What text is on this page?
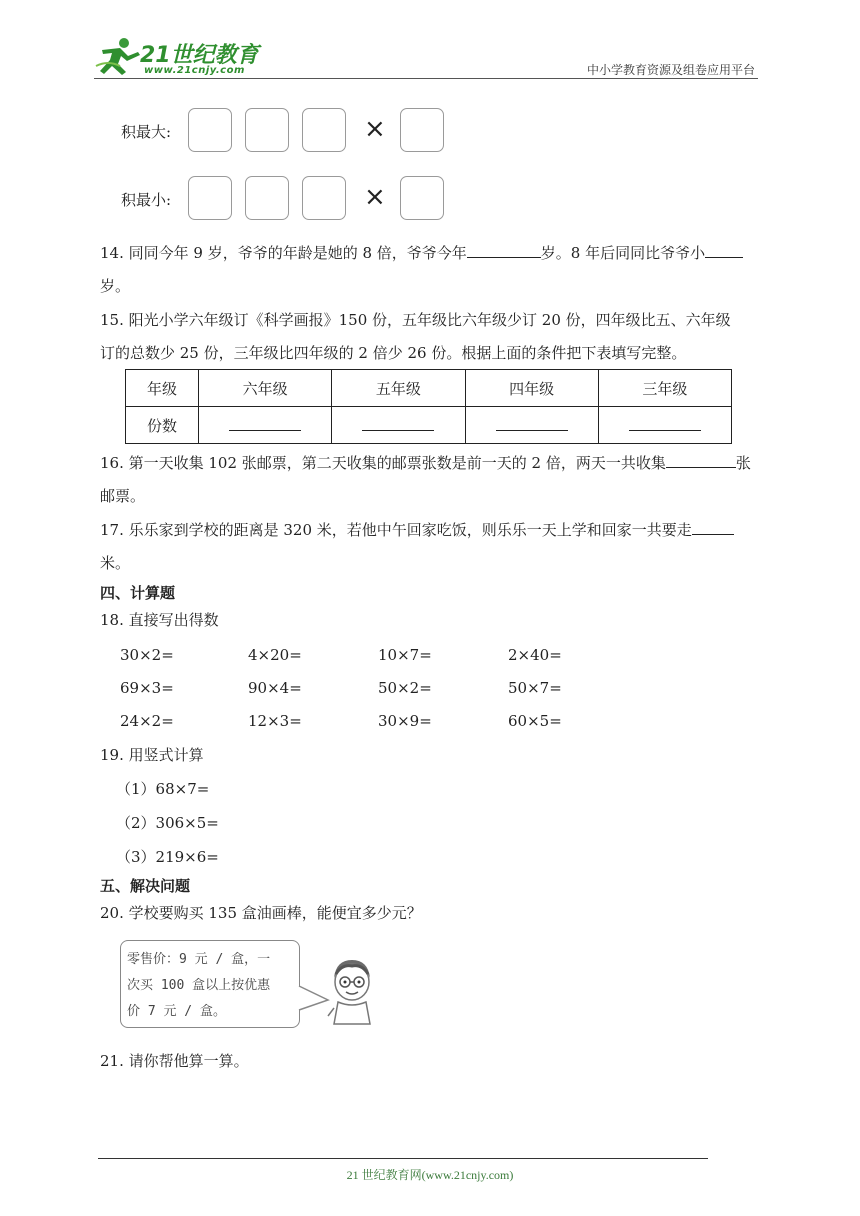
21世纪教育
www.21cnjy.com	中小学教育资源及组卷应用平台
积最大:	×
积最小:	×
14. 同同今年 9 岁，爷爷的年龄是她的 8 倍，爷爷今年	岁。8 年后同同比爷爷小
岁。
15. 阳光小学六年级订《科学画报》150 份，五年级比六年级少订 20 份，四年级比五、六年级
订的总数少 25 份，三年级比四年级的 2 倍少 26 份。根据上面的条件把下表填写完整。
年级	六年级	五年级	四年级	三年级
份数				
16. 第一天收集 102 张邮票，第二天收集的邮票张数是前一天的 2 倍，两天一共收集	张
邮票。
17. 乐乐家到学校的距离是 320 米，若他中午回家吃饭，则乐乐一天上学和回家一共要走
米。
四、计算题
18. 直接写出得数
30×2=	4×20=	10×7=	2×40=
69×3=	90×4=	50×2=	50×7=
24×2=	12×3=	30×9=	60×5=
19. 用竖式计算
（1）68×7=
（2）306×5=
（3）219×6=
五、解决问题
20. 学校要购买 135 盒油画棒，能便宜多少元？
零售价：9 元 / 盒，一
次买 100 盒以上按优惠
价 7 元 / 盒。
21. 请你帮他算一算。
21 世纪教育网(www.21cnjy.com)
